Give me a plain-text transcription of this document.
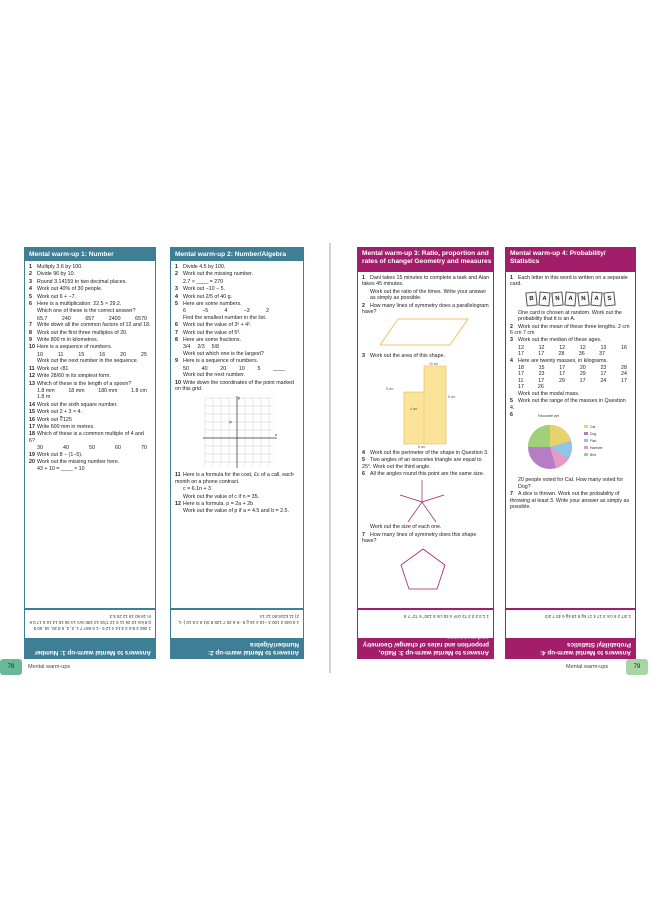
Mental warm-up 1: Number
1 Multiply 3.6 by 100.
2 Divide 96 by 10.
3 Round 3.14159 to two decimal places.
4 Work out 40% of 30 people.
5 Work out 6 + −7.
6 Here is a multiplication: 22.5 × 29.2.
Which one of these is the correct answer?
65.7	240	657	2400	6570
7 Write down all the common factors of 12 and 18.
8 Work out the first three multiples of 20.
9 Write 800 m in kilometres.
10 Here is a sequence of numbers.
10	11	15	16	20	25
Work out the next number in the sequence.
11 Work out √81
12 Write 28/60 in its simplest form.
13 Which of these is the length of a spoon?
1.8 mm	18 mm	180 mm	1.8 cm
1.8 m
14 Work out the sixth square number.
15 Work out 2 + 3 × 4.
16 Work out ∛125
17 Write 600 mm in metres.
18 Which of these is a common multiple of 4 and 6?
30	40	50	60	70
19 Work out 8 − (1−5).
20 Work out the missing number here.
43 + 10 = ____ × 10
Mental warm-up 2: Number/Algebra
1 Divide 4.5 by 100.
2 Work out the missing number.
2.7 × ____ = 270
3 Work out −10 − 5.
4 Work out 2/5 of 40 g.
5 Here are some numbers.
6	−5	4	−3	2
Find the smallest number in the list.
6 Work out the value of 3² + 4².
7 Work out the value of 5³.
8 Here are some fractions.
3/4 2/3 5/8
Work out which one is the largest?
9 Here is a sequence of numbers.
50 40 20 10 5 ____
Work out the next number.
10 Write down the coordinates of the point marked on this grid.
y
x
×
11 Here is a formula for the cost, £c of a call, each month on a phone contract.
c = 6.1n + 3
Work out the value of c if n = 35.
12 Here is a formula. p = 2a + 2b
Work out the value of p if a = 4.5 and b = 2.5.
Mental warm-up 3: Ratio, proportion and rates of change/ Geometry and measures
1 Dani takes 15 minutes to complete a task and Alan takes 45 minutes.
Work out the ratio of the times. Write your answer as simply as possible.
2 How many lines of symmetry does a parallelogram have?
3 Work out the area of this shape.
10 cm
5 cm
6 cm
4 cm
8 cm
4 Work out the perimeter of the shape in Question 3.
5 Two angles of an isosceles triangle are equal to 25°. Work out the third angle.
6 All the angles round this point are the same size.
Work out the size of each one.
7 How many lines of symmetry does this shape have?
Mental warm-up 4: Probability/ Statistics
1 Each letter in this word is written on a separate card.
B	A	N	A	N	A	S
One card is chosen at random. Work out the probability that it is an A.
2 Work out the mean of these three lengths. 2 cm 6 cm 7 cm
3 Work out the median of these ages.
12	12	12	12	13	16
17	17	28	36	37
4 Here are twenty masses, in kilograms.
18	15	17	20	23	28
17	23	17	29	17	24
11	17	29	17	24	17
17	26
Work out the modal mass.
5 Work out the range of the masses in Question 4.
6	Favourite pet
Cat
Dog
Fish
Hamster
Bird
20 people voted for Cat. How many voted for Dog?
7 A dice is thrown. Work out the probability of throwing at least 3. Write your answer as simply as possible.
1 360 2 9.6 3 3.14 4 12 5 −1 6 657 7 1, 2, 3, 6 8 20, 40, 60 9 0.8 km 10 26 11 9 12 7/15 13 180 mm 14 36 15 14 16 5 17 0.6 m 18 60 19 12 20 5.3
Answers to Mental warm-up 1: Number
1 0.045 2 100 3 −15 4 16 g 5 −5 6 25 7 125 8 3/4 9 2.5 10 (−1, 2) 11 £216.50 12 14
Answers to Mental warm-up 2: Number/Algebra
1 1:3 2 0 3 72 cm² 4 40 cm 5 130° 6 72° 7 5
Answers to Mental warm-up 3: Ratio, proportion and rates of change/ Geometry and measures
1 3/7 2 5 cm 3 17 4 17 kg 5 18 kg 6 40 7 2/3
Answers to Mental warm-up 4: Probability/ Statistics
78	Mental warm-ups	Mental warm-ups	79
